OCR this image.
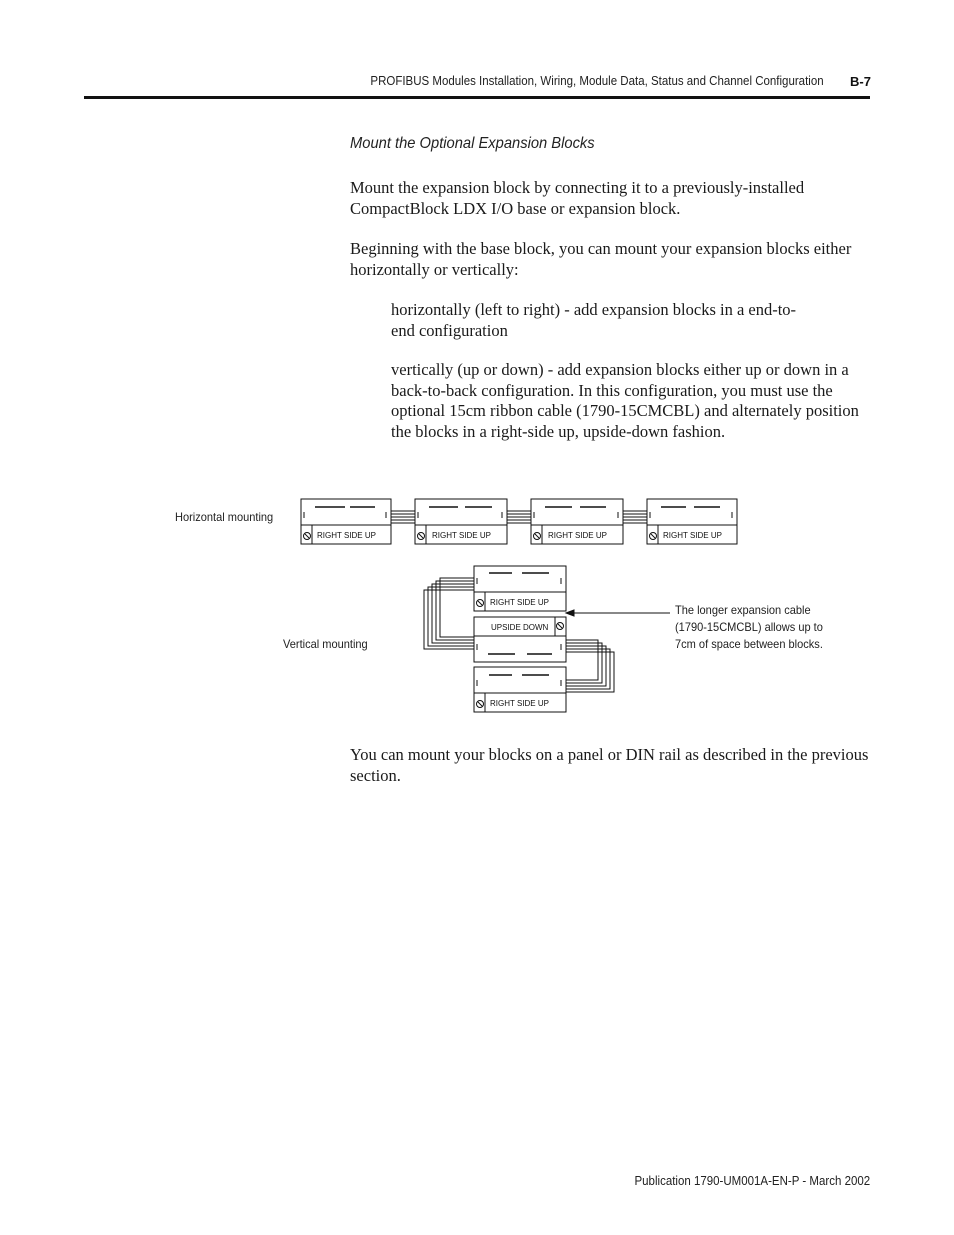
PROFIBUS Modules Installation, Wiring, Module Data, Status and Channel Configuration B-7
Mount the Optional Expansion Blocks
Mount the expansion block by connecting it to a previously-installed CompactBlock LDX I/O base or expansion block.
Beginning with the base block, you can mount your expansion blocks either horizontally or vertically:
horizontally (left to right) - add expansion blocks in a end-to-end configuration
vertically (up or down) - add expansion blocks either up or down in a back-to-back configuration. In this configuration, you must use the optional 15cm ribbon cable (1790-15CMCBL) and alternately position the blocks in a right-side up, upside-down fashion.
Horizontal mounting
Vertical mounting
The longer expansion cable
(1790-15CMCBL) allows up to
7cm of space between blocks.
RIGHT SIDE UP	RIGHT SIDE UP	RIGHT SIDE UP	RIGHT SIDE UP
RIGHT SIDE UP
UPSIDE DOWN
RIGHT SIDE UP
You can mount your blocks on a panel or DIN rail as described in the previous section.
Publication 1790-UM001A-EN-P - March 2002
